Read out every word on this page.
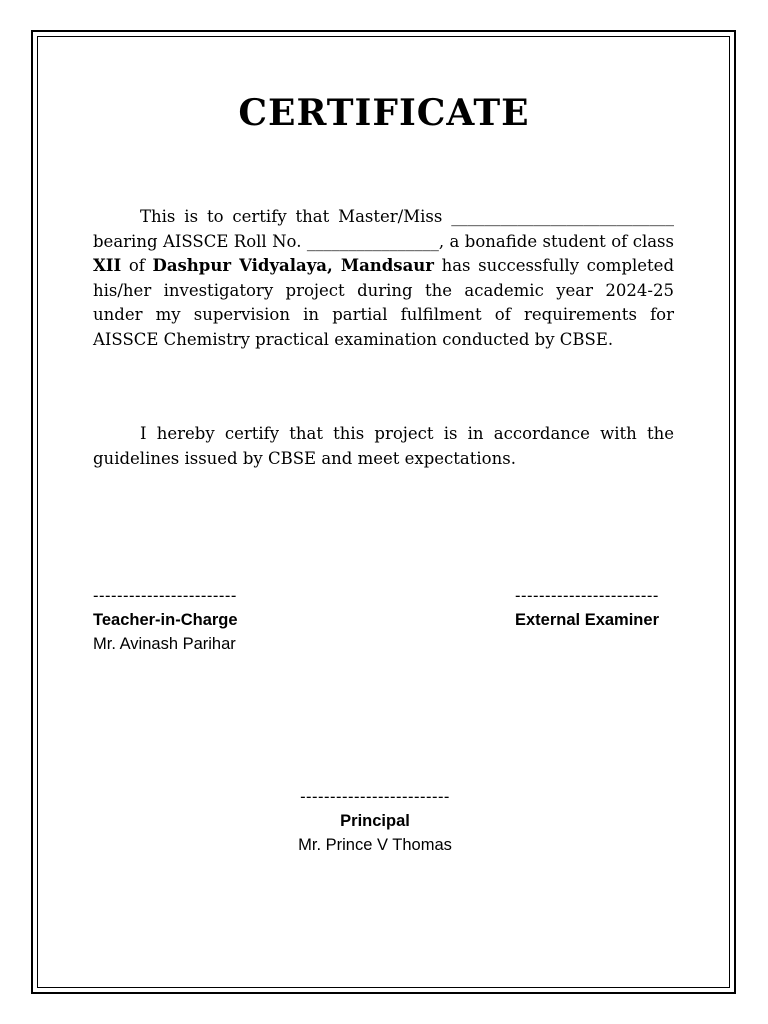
CERTIFICATE

This is to certify that Master/Miss ___________________________ bearing AISSCE Roll No. ________________, a bonafide student of class XII of Dashpur Vidyalaya, Mandsaur has successfully completed his/her investigatory project during the academic year 2024-25 under my supervision in partial fulfilment of requirements for AISSCE Chemistry practical examination conducted by CBSE.

I hereby certify that this project is in accordance with the guidelines issued by CBSE and meet expectations.

------------------------
Teacher-in-Charge
Mr. Avinash Parihar
------------------------
External Examiner
-------------------------
Principal
Mr. Prince V Thomas
